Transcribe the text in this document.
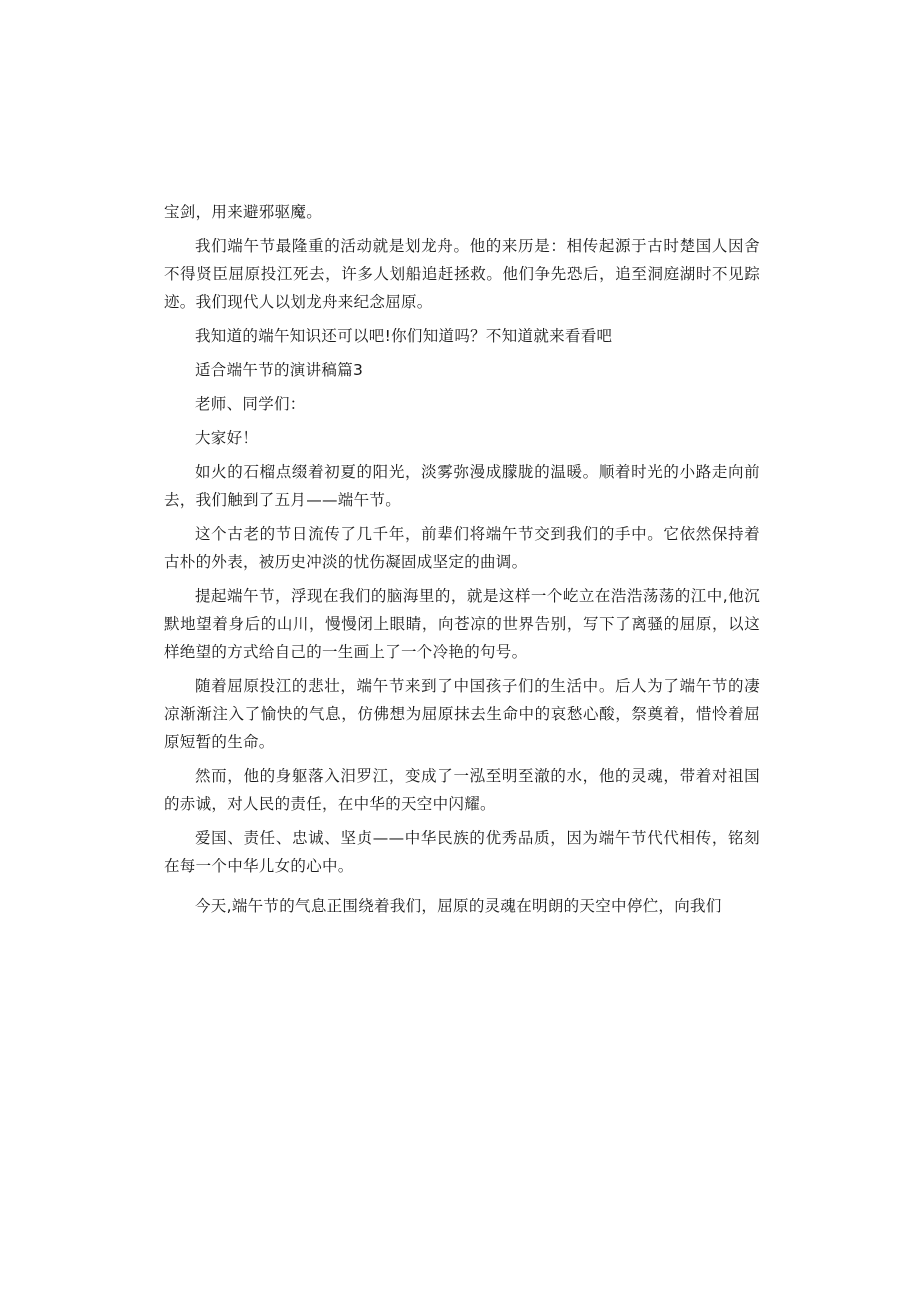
宝剑，用来避邪驱魔。

我们端午节最隆重的活动就是划龙舟。他的来历是：相传起源于古时楚国人因舍不得贤臣屈原投江死去，许多人划船追赶拯救。他们争先恐后，追至洞庭湖时不见踪迹。我们现代人以划龙舟来纪念屈原。

我知道的端午知识还可以吧!你们知道吗？不知道就来看看吧

适合端午节的演讲稿篇3

老师、同学们：

大家好！

如火的石榴点缀着初夏的阳光，淡雾弥漫成朦胧的温暖。顺着时光的小路走向前去，我们触到了五月——端午节。

这个古老的节日流传了几千年，前辈们将端午节交到我们的手中。它依然保持着古朴的外表，被历史冲淡的忧伤凝固成坚定的曲调。

提起端午节，浮现在我们的脑海里的，就是这样一个屹立在浩浩荡荡的江中,他沉默地望着身后的山川，慢慢闭上眼睛，向苍凉的世界告别，写下了离骚的屈原，以这样绝望的方式给自己的一生画上了一个冷艳的句号。

随着屈原投江的悲壮，端午节来到了中国孩子们的生活中。后人为了端午节的凄凉渐渐注入了愉快的气息，仿佛想为屈原抹去生命中的哀愁心酸，祭奠着，惜怜着屈原短暂的生命。

然而，他的身躯落入汨罗江，变成了一泓至明至澈的水，他的灵魂，带着对祖国的赤诚，对人民的责任，在中华的天空中闪耀。

爱国、责任、忠诚、坚贞——中华民族的优秀品质，因为端午节代代相传，铭刻在每一个中华儿女的心中。

今天,端午节的气息正围绕着我们，屈原的灵魂在明朗的天空中停伫，向我们
